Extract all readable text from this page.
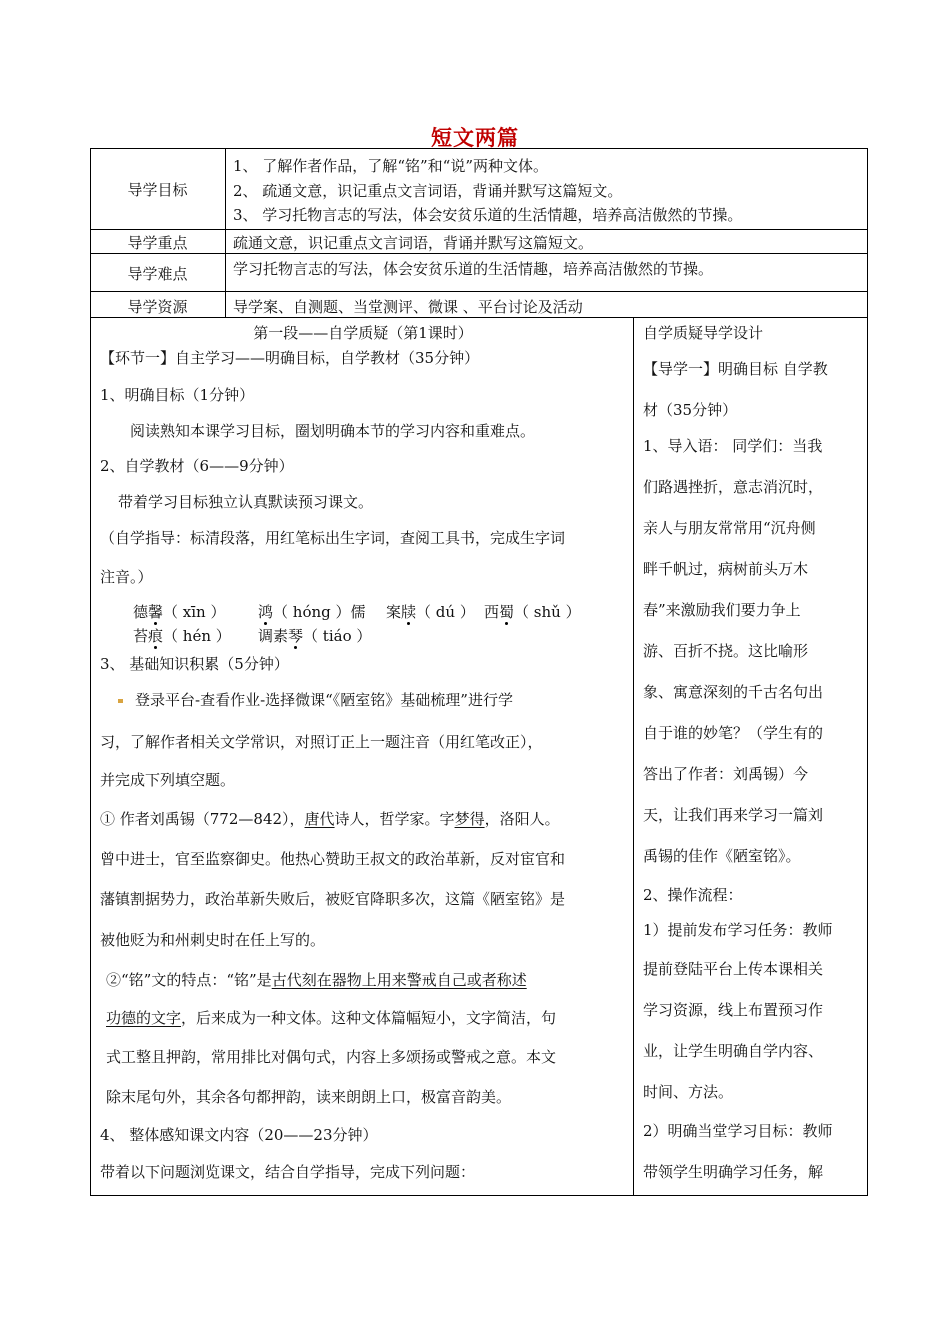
短文两篇
导学目标
1、 了解作者作品，了解“铭”和“说”两种文体。
2、 疏通文意，识记重点文言词语，背诵并默写这篇短文。
3、 学习托物言志的写法，体会安贫乐道的生活情趣，培养高洁傲然的节操。
导学重点	疏通文意，识记重点文言词语，背诵并默写这篇短文。
导学难点	学习托物言志的写法，体会安贫乐道的生活情趣，培养高洁傲然的节操。
导学资源	导学案、自测题、当堂测评、微课 、平台讨论及活动
第一段——自学质疑（第1课时）
【环节一】自主学习——明确目标，自学教材（35分钟）
1、明确目标（1分钟）
阅读熟知本课学习目标，圈划明确本节的学习内容和重难点。
2、自学教材（6——9分钟）
带着学习目标独立认真默读预习课文。
（自学指导：标清段落，用红笔标出生字词，查阅工具书，完成生字词
注音。）
德馨（ xīn ） 鸿（ hóng ）儒 案牍（ dú ） 西蜀（ shǔ ）
苔痕（ hén ） 调素琴（ tiáo ）
3、 基础知识积累（5分钟）
登录平台-查看作业-选择微课“《陋室铭》基础梳理”进行学
习，了解作者相关文学常识，对照订正上一题注音（用红笔改正），
并完成下列填空题。
① 作者刘禹锡（772—842），唐代诗人，哲学家。字梦得，洛阳人。
曾中进士，官至监察御史。他热心赞助王叔文的政治革新，反对宦官和
藩镇割据势力，政治革新失败后，被贬官降职多次，这篇《陋室铭》是
被他贬为和州刺史时在任上写的。
②“铭”文的特点：“铭”是古代刻在器物上用来警戒自己或者称述
功德的文字，后来成为一种文体。这种文体篇幅短小，文字简洁，句
式工整且押韵，常用排比对偶句式，内容上多颂扬或警戒之意。本文
除末尾句外，其余各句都押韵，读来朗朗上口，极富音韵美。
4、 整体感知课文内容（20——23分钟）
带着以下问题浏览课文，结合自学指导，完成下列问题：
自学质疑导学设计
【导学一】明确目标 自学教
材（35分钟）
1、导入语： 同学们：当我
们路遇挫折，意志消沉时，
亲人与朋友常常用“沉舟侧
畔千帆过，病树前头万木
春”来激励我们要力争上
游、百折不挠。这比喻形
象、寓意深刻的千古名句出
自于谁的妙笔？（学生有的
答出了作者：刘禹锡）今
天，让我们再来学习一篇刘
禹锡的佳作《陋室铭》。
2、操作流程：
1）提前发布学习任务：教师
提前登陆平台上传本课相关
学习资源，线上布置预习作
业，让学生明确自学内容、
时间、方法。
2）明确当堂学习目标：教师
带领学生明确学习任务，解
